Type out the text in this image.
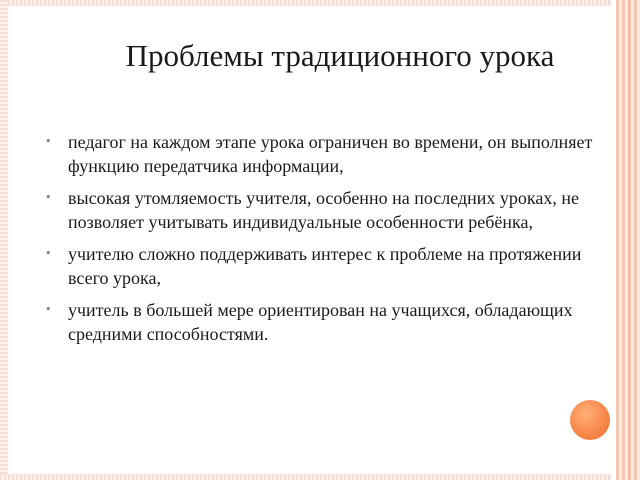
Проблемы традиционного урока
• педагог на каждом этапе урока ограничен во времени, он выполняет функцию передатчика информации,
• высокая утомляемость учителя, особенно на последних уроках, не позволяет учитывать индивидуальные особенности ребёнка,
• учителю сложно поддерживать интерес к проблеме на протяжении всего урока,
• учитель в большей мере ориентирован на учащихся, обладающих средними способностями.
